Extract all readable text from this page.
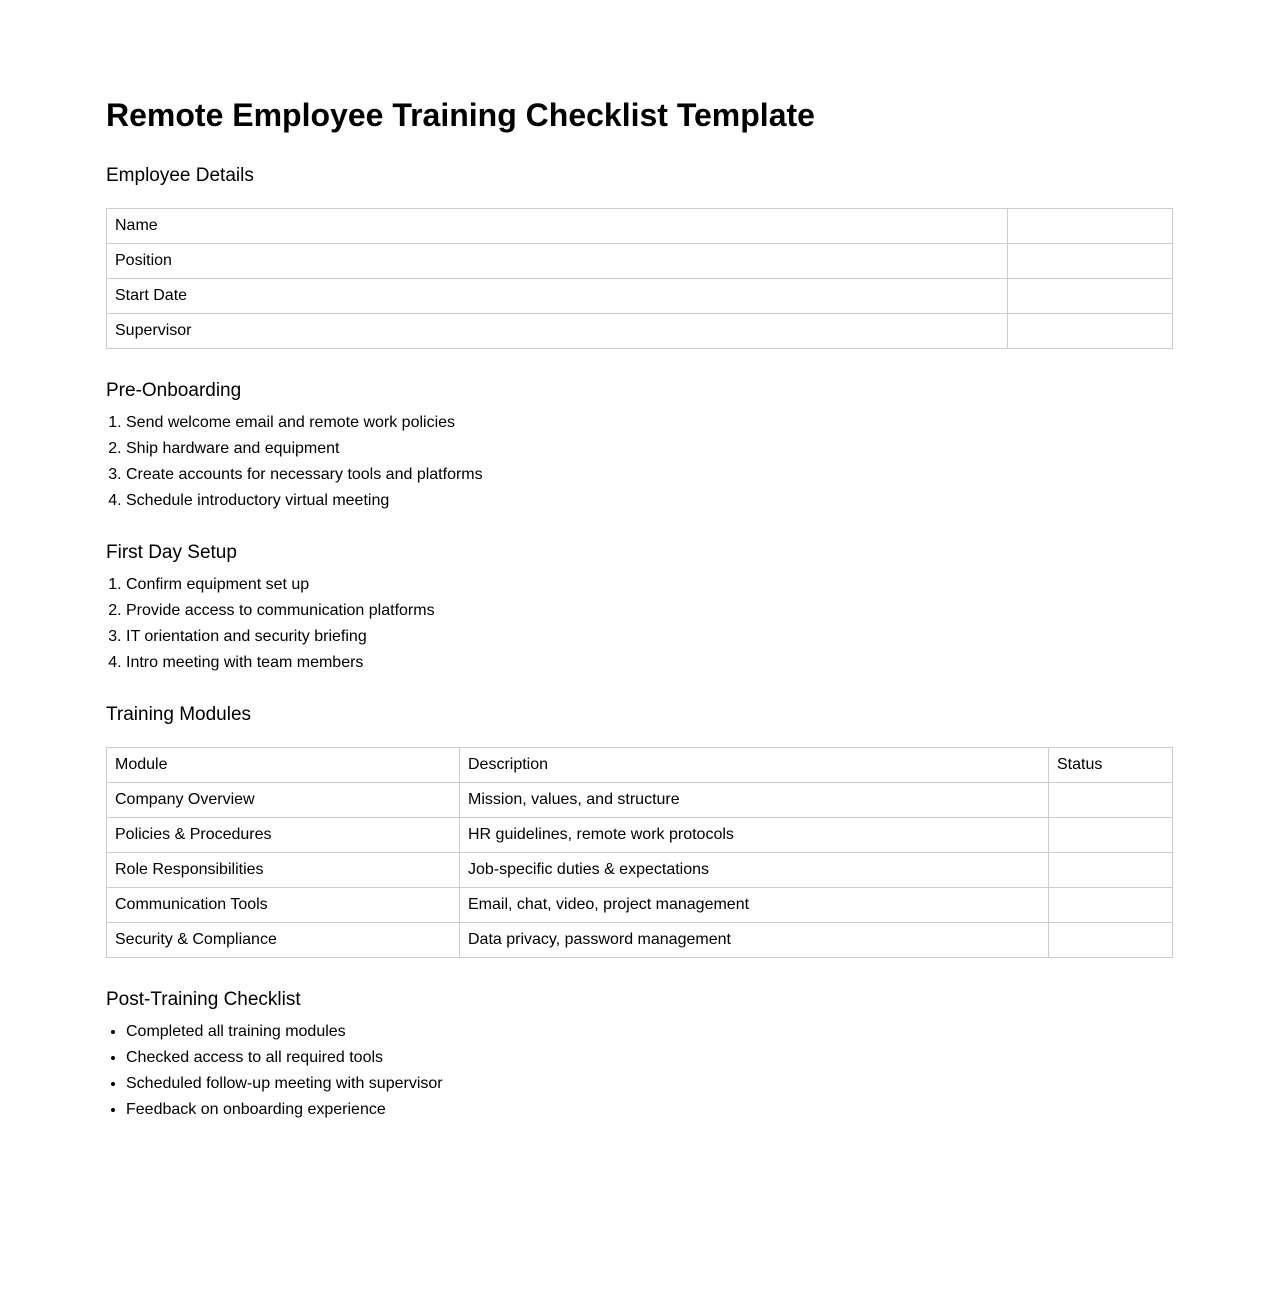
Remote Employee Training Checklist Template
Employee Details
Name	
Position	
Start Date	
Supervisor	
Pre-Onboarding
1. Send welcome email and remote work policies
2. Ship hardware and equipment
3. Create accounts for necessary tools and platforms
4. Schedule introductory virtual meeting
First Day Setup
1. Confirm equipment set up
2. Provide access to communication platforms
3. IT orientation and security briefing
4. Intro meeting with team members
Training Modules
Module	Description	Status
Company Overview	Mission, values, and structure	
Policies & Procedures	HR guidelines, remote work protocols	
Role Responsibilities	Job-specific duties & expectations	
Communication Tools	Email, chat, video, project management	
Security & Compliance	Data privacy, password management	
Post-Training Checklist
• Completed all training modules
• Checked access to all required tools
• Scheduled follow-up meeting with supervisor
• Feedback on onboarding experience
